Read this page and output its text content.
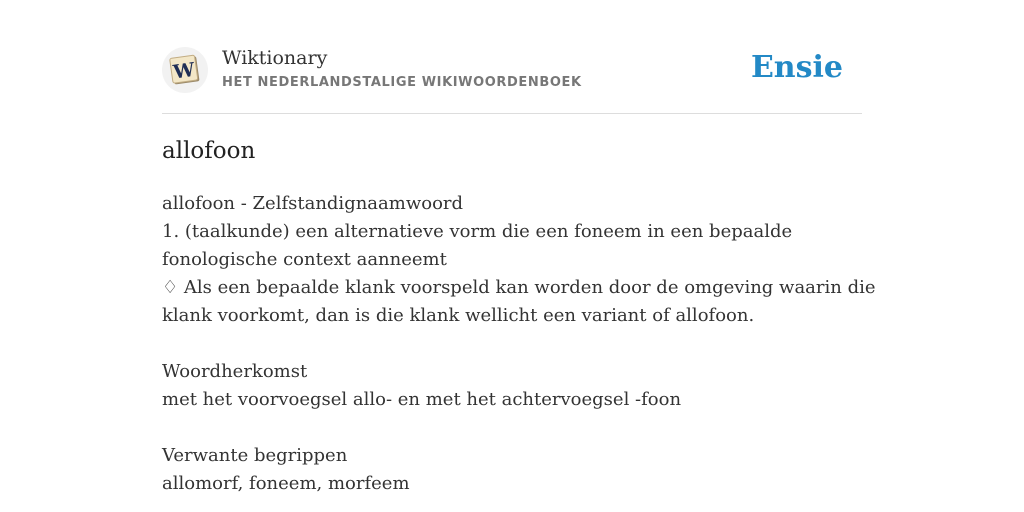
W
Wiktionary
HET NEDERLANDSTALIGE WIKIWOORDENBOEK	Ensie
allofoon
allofoon - Zelfstandignaamwoord
1. (taalkunde) een alternatieve vorm die een foneem in een bepaalde
fonologische context aanneemt
♢ Als een bepaalde klank voorspeld kan worden door de omgeving waarin die
klank voorkomt, dan is die klank wellicht een variant of allofoon.
Woordherkomst
met het voorvoegsel allo- en met het achtervoegsel -foon
Verwante begrippen
allomorf, foneem, morfeem
